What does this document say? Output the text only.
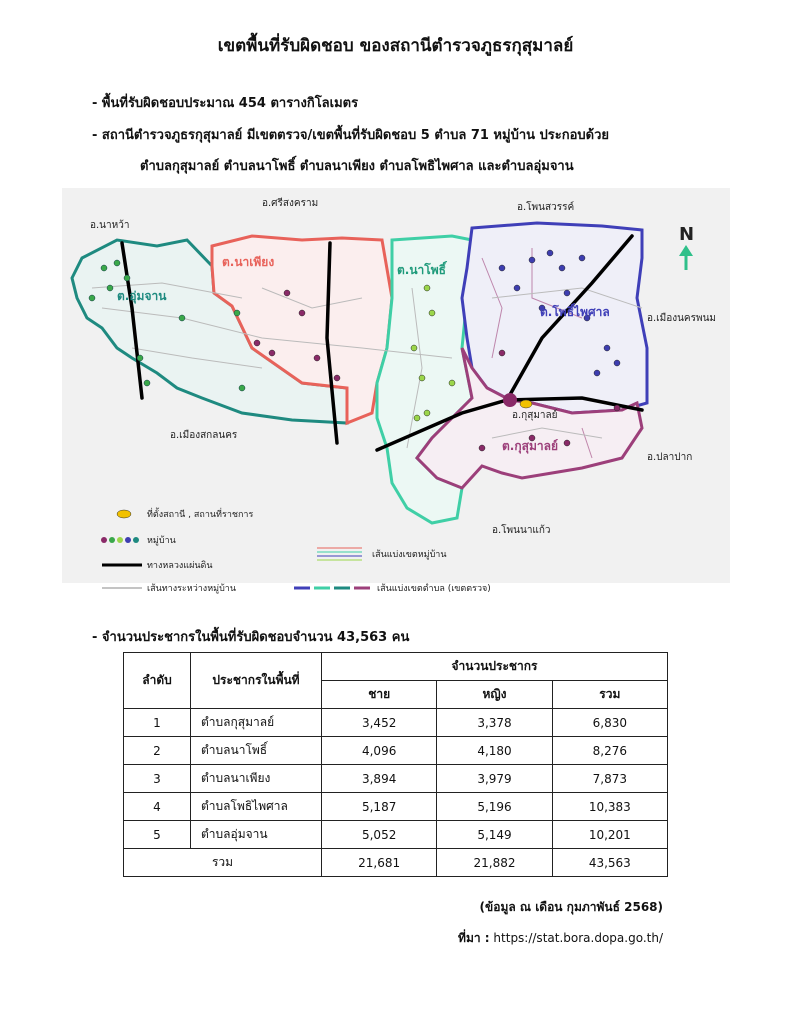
เขตพื้นที่รับผิดชอบ ของสถานีตำรวจภูธรกุสุมาลย์
- พื้นที่รับผิดชอบประมาณ 454 ตารางกิโลเมตร
- สถานีตำรวจภูธรกุสุมาลย์ มีเขตตรวจ/เขตพื้นที่รับผิดชอบ 5 ตำบล 71 หมู่บ้าน ประกอบด้วย
ตำบลกุสุมาลย์ ตำบลนาโพธิ์ ตำบลนาเพียง ตำบลโพธิไพศาล และตำบลอุ่มจาน
อ.นาหว้า
อ.ศรีสงคราม	อ.โพนสวรรค์
อ.เมืองนครพนม
อ.เมืองสกลนคร
อ.ปลาปาก
อ.โพนนาแก้ว
ต.อุ่มจาน
ต.นาเพียง
ต.นาโพธิ์
ต.โพธิ์ไพศาล
ต.กุสุมาลย์
อ.กุสุมาลย์
N
ที่ตั้งสถานี , สถานที่ราชการ
หมู่บ้าน
ทางหลวงแผ่นดิน
เส้นทางระหว่างหมู่บ้าน
เส้นแบ่งเขตหมู่บ้าน
เส้นแบ่งเขตตำบล (เขตตรวจ)
- จำนวนประชากรในพื้นที่รับผิดชอบจำนวน 43,563 คน
ลำดับ	ประชากรในพื้นที่	จำนวนประชากร		
		ชาย	หญิง	รวม
1	ตำบลกุสุมาลย์	3,452	3,378	6,830
2	ตำบลนาโพธิ์	4,096	4,180	8,276
3	ตำบลนาเพียง	3,894	3,979	7,873
4	ตำบลโพธิไพศาล	5,187	5,196	10,383
5	ตำบลอุ่มจาน	5,052	5,149	10,201
รวม		21,681	21,882	43,563
(ข้อมูล ณ เดือน กุมภาพันธ์ 2568)
ที่มา : https://stat.bora.dopa.go.th/
